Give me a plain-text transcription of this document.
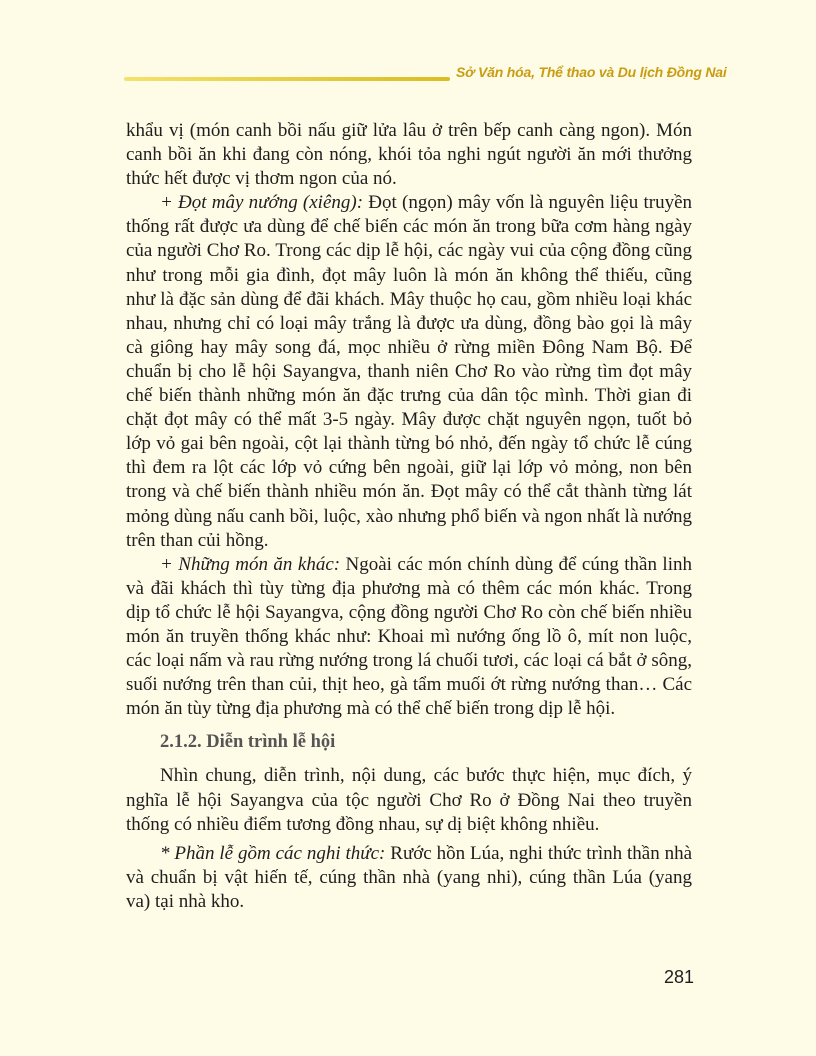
Sở Văn hóa, Thể thao và Du lịch Đồng Nai

khẩu vị (món canh bồi nấu giữ lửa lâu ở trên bếp canh càng ngon). Món canh bồi ăn khi đang còn nóng, khói tỏa nghi ngút người ăn mới thưởng thức hết được vị thơm ngon của nó.

+ Đọt mây nướng (xiêng): Đọt (ngọn) mây vốn là nguyên liệu truyền thống rất được ưa dùng để chế biến các món ăn trong bữa cơm hàng ngày của người Chơ Ro. Trong các dịp lễ hội, các ngày vui của cộng đồng cũng như trong mỗi gia đình, đọt mây luôn là món ăn không thể thiếu, cũng như là đặc sản dùng để đãi khách. Mây thuộc họ cau, gồm nhiều loại khác nhau, nhưng chỉ có loại mây trắng là được ưa dùng, đồng bào gọi là mây cà giông hay mây song đá, mọc nhiều ở rừng miền Đông Nam Bộ. Để chuẩn bị cho lễ hội Sayangva, thanh niên Chơ Ro vào rừng tìm đọt mây chế biến thành những món ăn đặc trưng của dân tộc mình. Thời gian đi chặt đọt mây có thể mất 3-5 ngày. Mây được chặt nguyên ngọn, tuốt bỏ lớp vỏ gai bên ngoài, cột lại thành từng bó nhỏ, đến ngày tổ chức lễ cúng thì đem ra lột các lớp vỏ cứng bên ngoài, giữ lại lớp vỏ mỏng, non bên trong và chế biến thành nhiều món ăn. Đọt mây có thể cắt thành từng lát mỏng dùng nấu canh bồi, luộc, xào nhưng phổ biến và ngon nhất là nướng trên than củi hồng.

+ Những món ăn khác: Ngoài các món chính dùng để cúng thần linh và đãi khách thì tùy từng địa phương mà có thêm các món khác. Trong dịp tổ chức lễ hội Sayangva, cộng đồng người Chơ Ro còn chế biến nhiều món ăn truyền thống khác như: Khoai mì nướng ống lồ ô, mít non luộc, các loại nấm và rau rừng nướng trong lá chuối tươi, các loại cá bắt ở sông, suối nướng trên than củi, thịt heo, gà tẩm muối ớt rừng nướng than… Các món ăn tùy từng địa phương mà có thể chế biến trong dịp lễ hội.

2.1.2. Diễn trình lễ hội

Nhìn chung, diễn trình, nội dung, các bước thực hiện, mục đích, ý nghĩa lễ hội Sayangva của tộc người Chơ Ro ở Đồng Nai theo truyền thống có nhiều điểm tương đồng nhau, sự dị biệt không nhiều.

* Phần lễ gồm các nghi thức: Rước hồn Lúa, nghi thức trình thần nhà và chuẩn bị vật hiến tế, cúng thần nhà (yang nhi), cúng thần Lúa (yang va) tại nhà kho.

281
